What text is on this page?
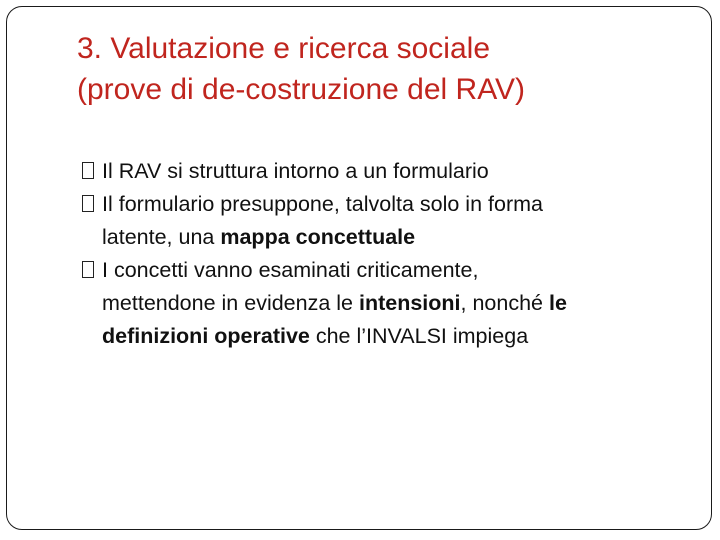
3. Valutazione e ricerca sociale
(prove di de-costruzione del RAV)
Il RAV si struttura intorno a un formulario
Il formulario presuppone, talvolta solo in forma
latente, una mappa concettuale
I concetti vanno esaminati criticamente,
mettendone in evidenza le intensioni, nonché le
definizioni operative che l’INVALSI impiega
